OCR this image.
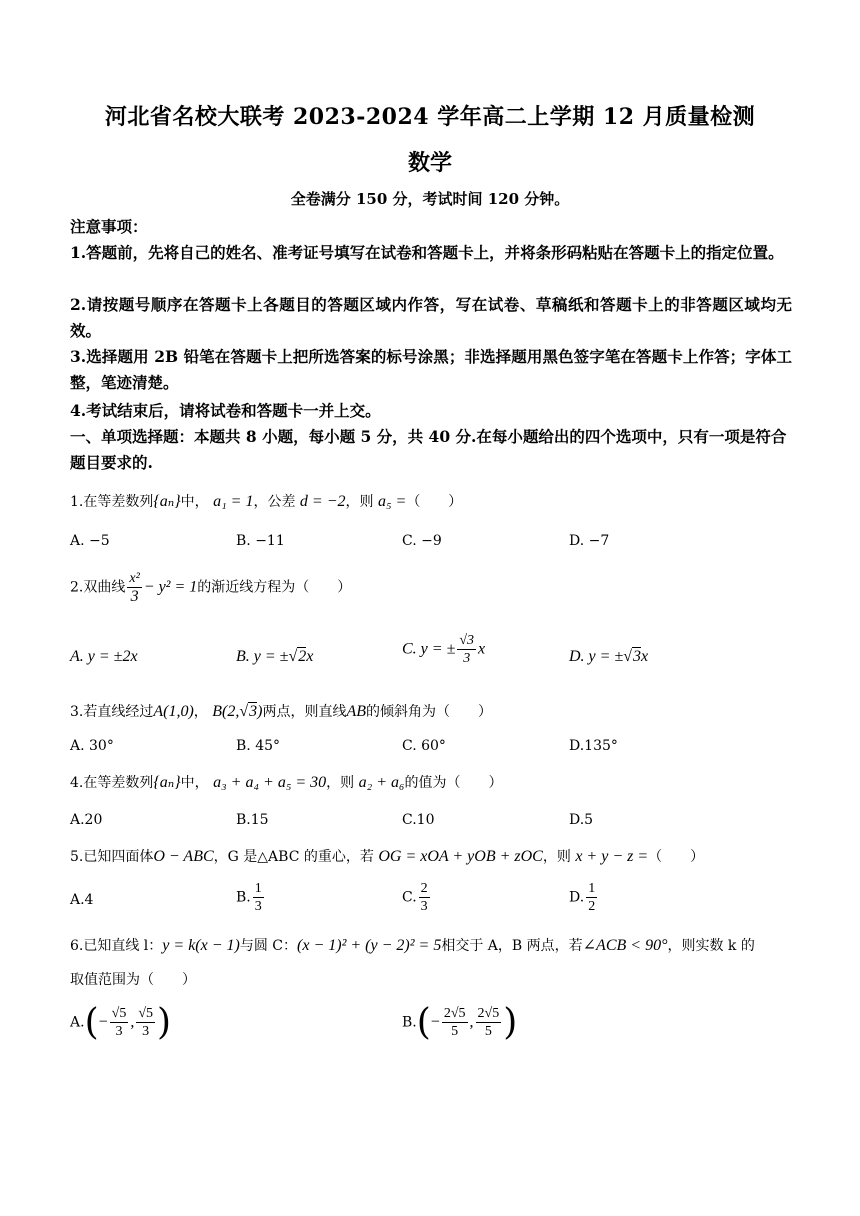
河北省名校大联考 2023-2024 学年高二上学期 12 月质量检测
数学
全卷满分 150 分，考试时间 120 分钟。
注意事项：
1.答题前，先将自己的姓名、准考证号填写在试卷和答题卡上，并将条形码粘贴在答题卡上的指定位置。
2.请按题号顺序在答题卡上各题目的答题区域内作答，写在试卷、草稿纸和答题卡上的非答题区域均无效。
3.选择题用 2B 铅笔在答题卡上把所选答案的标号涂黑；非选择题用黑色签字笔在答题卡上作答；字体工整，笔迹清楚。
4.考试结束后，请将试卷和答题卡一并上交。
一、单项选择题：本题共 8 小题，每小题 5 分，共 40 分.在每小题给出的四个选项中，只有一项是符合题目要求的.
1.在等差数列{aₙ}中， a₁ = 1，公差 d = −2，则 a₅ =（　　）
A. −5	B. −11	C. −9	D. −7
2.双曲线 $\frac{\text{x²}}{3} - y^2 = 1$的渐近线方程为（　　）
A. y = ±2x	B. y = ±√2x	C. y = ± $\frac{√3}{3}$ x	D. y = ±√3x
3.若直线经过A(1,0)， B(2,√3)两点，则直线AB的倾斜角为（　　）
A. 30°	B. 45°	C. 60°	D.135°
4.在等差数列{aₙ}中， a₃ + a₄ + a₅ = 30，则 a₂ + a₆的值为（　　）
A.20	B.15	C.10	D.5
5.已知四面体O − ABC，G 是△ABC 的重心，若 OG = xOA + yOB + zOC，则 x + y − z =（　　）
A.4	B. $\frac{1}{3}$	C. $\frac{2}{3}$	D. $\frac{1}{2}$
6.已知直线 l：y = k(x − 1)与圆 C：(x − 1)² + (y − 2)² = 5相交于 A，B 两点，若∠ACB < 90°，则实数 k 的
取值范围为（　　）
$A.(- \frac{√5}{3}$ , $\frac{√5}{3}$ )	$B.(- \frac{2√5}{5}$ , $\frac{2√5}{5}$ )
